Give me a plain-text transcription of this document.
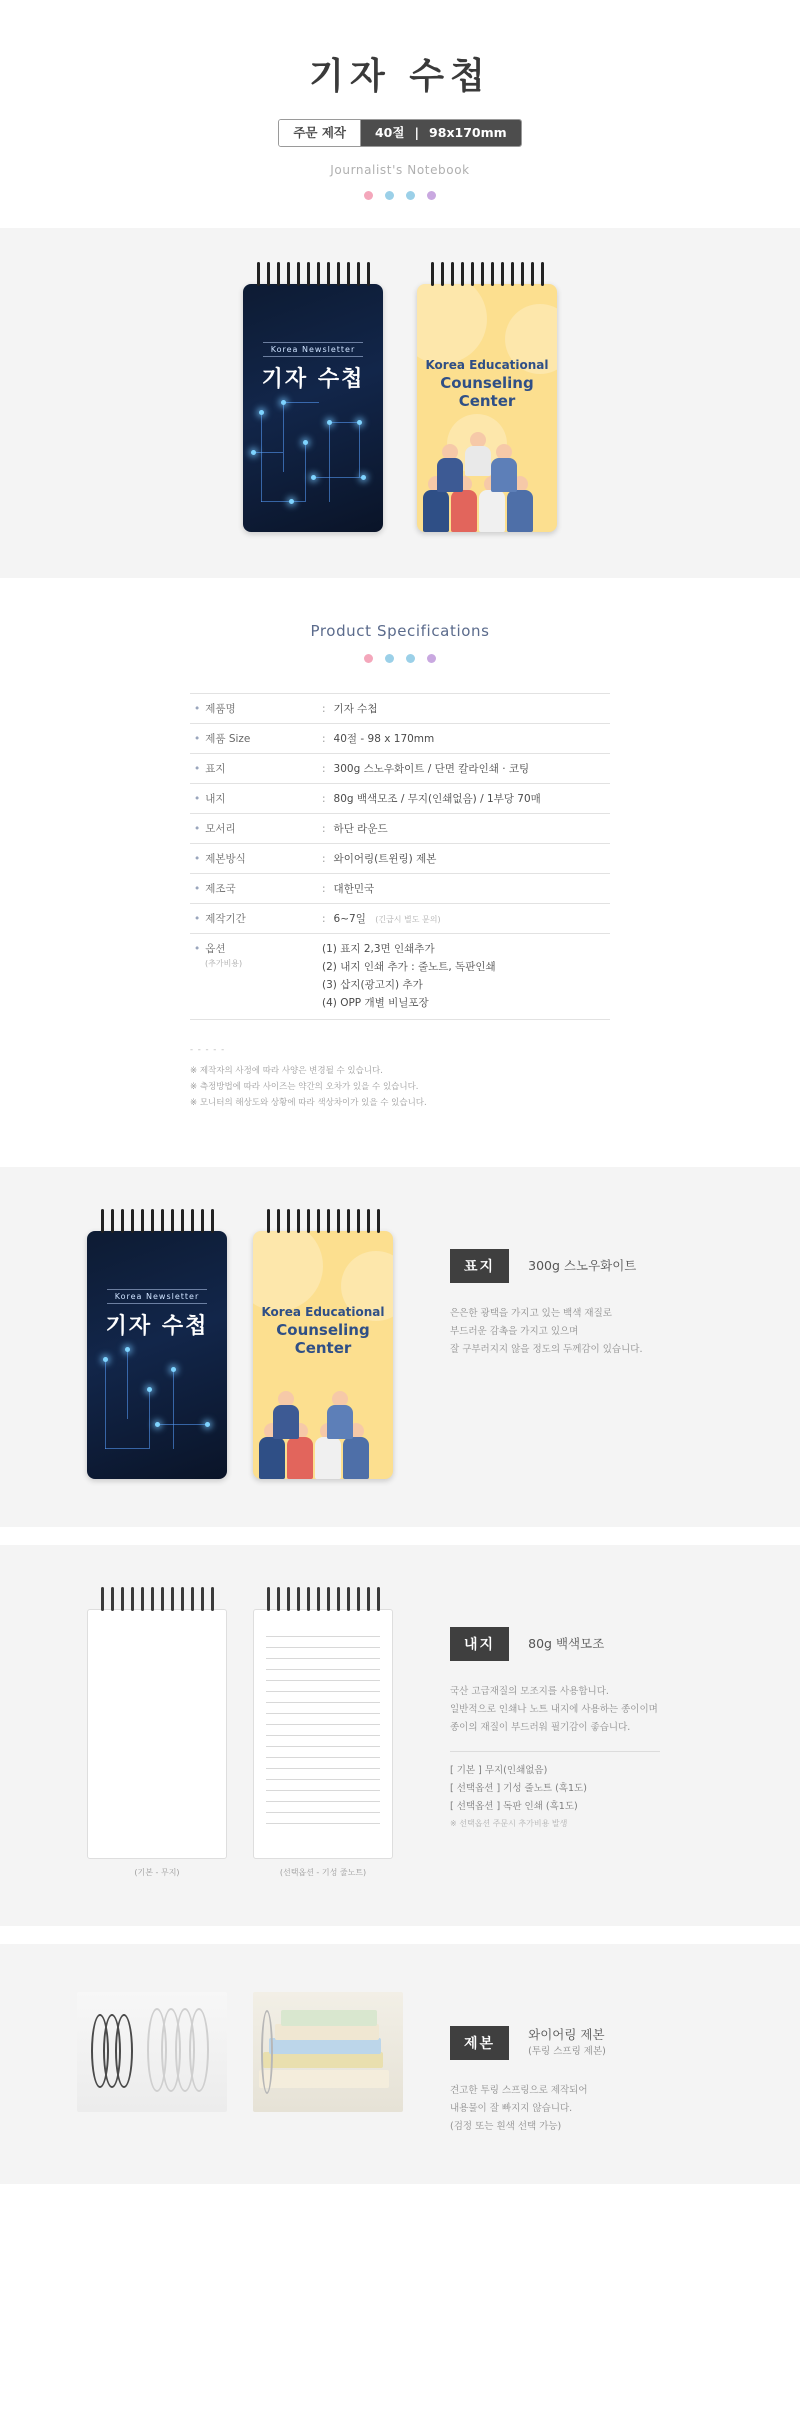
기자 수첩
주문 제작	40절 | 98x170mm
Journalist's Notebook
Korea Newsletter
기자 수첩
Korea Educational
Counseling Center
Product Specifications
• 제품명	: 기자 수첩
• 제품 Size	: 40절 - 98 x 170mm
• 표지	: 300g 스노우화이트 / 단면 칼라인쇄 · 코팅
• 내지	: 80g 백색모조 / 무지(인쇄없음) / 1부당 70매
• 모서리	: 하단 라운드
• 제본방식	: 와이어링(트윈링) 제본
• 제조국	: 대한민국
• 제작기간	: 6~7일 (긴급시 별도 문의)
• 옵션
(추가비용)

(1) 표지 2,3면 인쇄추가
(2) 내지 인쇄 추가 : 줄노트, 독판인쇄
(3) 삽지(광고지) 추가
(4) OPP 개별 비닐포장
- - - - -
※ 제작자의 사정에 따라 사양은 변경될 수 있습니다.
※ 측정방법에 따라 사이즈는 약간의 오차가 있을 수 있습니다.
※ 모니터의 해상도와 상황에 따라 색상차이가 있을 수 있습니다.
Korea Newsletter
기자 수첩
Korea Educational
Counseling Center
표지	300g 스노우화이트
은은한 광택을 가지고 있는 백색 재질로
부드러운 감촉을 가지고 있으며
잘 구부러지지 않을 정도의 두께감이 있습니다.
(기본 - 무지)	(선택옵션 - 기성 줄노트)
내지	80g 백색모조
국산 고급재질의 모조지를 사용합니다.
일반적으로 인쇄나 노트 내지에 사용하는 종이이며
종이의 재질이 부드러워 필기감이 좋습니다.
[ 기본 ] 무지(인쇄없음)
[ 선택옵션 ] 기성 줄노트 (흑1도)
[ 선택옵션 ] 독판 인쇄 (흑1도)
※ 선택옵션 주문시 추가비용 발생
제본 와이어링 제본
(투링 스프링 제본)
견고한 투링 스프링으로 제작되어
내용물이 잘 빠지지 않습니다.
(검정 또는 흰색 선택 가능)
